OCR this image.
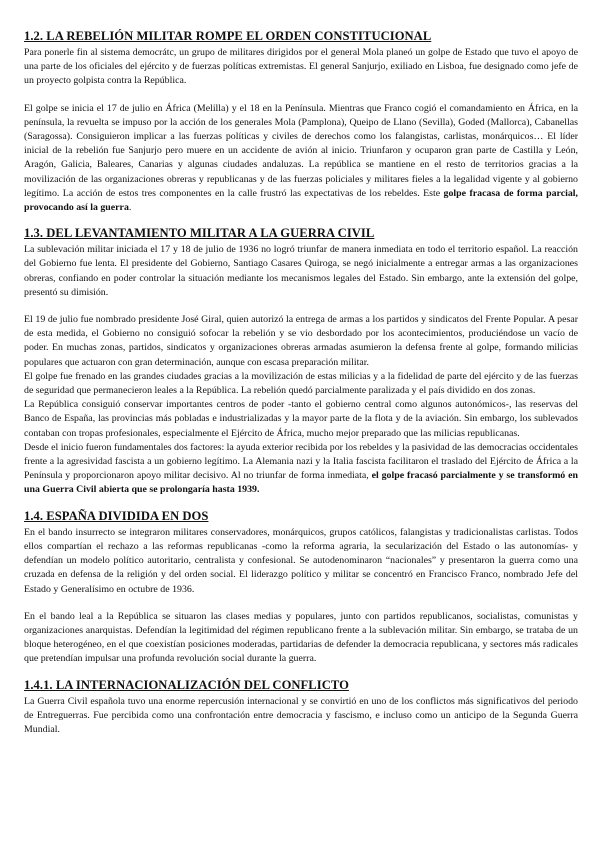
1.2. LA REBELIÓN MILITAR ROMPE EL ORDEN CONSTITUCIONAL

Para ponerle fin al sistema democrátc, un grupo de militares dirigidos por el general Mola planeó un golpe de Estado que tuvo el apoyo de una parte de los oficiales del ejército y de fuerzas políticas extremistas. El general Sanjurjo, exiliado en Lisboa, fue designado como jefe de un proyecto golpista contra la República.

El golpe se inicia el 17 de julio en África (Melilla) y el 18 en la Península. Mientras que Franco cogió el comandamiento en África, en la península, la revuelta se impuso por la acción de los generales Mola (Pamplona), Queipo de Llano (Sevilla), Goded (Mallorca), Cabanellas (Saragossa). Consiguieron implicar a las fuerzas políticas y civiles de derechos como los falangistas, carlistas, monárquicos… El líder inicial de la rebelión fue Sanjurjo pero muere en un accidente de avión al inicio. Triunfaron y ocuparon gran parte de Castilla y León, Aragón, Galicia, Baleares, Canarias y algunas ciudades andaluzas. La república se mantiene en el resto de territorios gracias a la movilización de las organizaciones obreras y republicanas y de las fuerzas policiales y militares fieles a la legalidad vigente y al gobierno legítimo. La acción de estos tres componentes en la calle frustró las expectativas de los rebeldes. Este golpe fracasa de forma parcial, provocando así la guerra.

1.3. DEL LEVANTAMIENTO MILITAR A LA GUERRA CIVIL

La sublevación militar iniciada el 17 y 18 de julio de 1936 no logró triunfar de manera inmediata en todo el territorio español. La reacción del Gobierno fue lenta. El presidente del Gobierno, Santiago Casares Quiroga, se negó inicialmente a entregar armas a las organizaciones obreras, confiando en poder controlar la situación mediante los mecanismos legales del Estado. Sin embargo, ante la extensión del golpe, presentó su dimisión.

El 19 de julio fue nombrado presidente José Giral, quien autorizó la entrega de armas a los partidos y sindicatos del Frente Popular. A pesar de esta medida, el Gobierno no consiguió sofocar la rebelión y se vio desbordado por los acontecimientos, produciéndose un vacío de poder. En muchas zonas, partidos, sindicatos y organizaciones obreras armadas asumieron la defensa frente al golpe, formando milicias populares que actuaron con gran determinación, aunque con escasa preparación militar.

El golpe fue frenado en las grandes ciudades gracias a la movilización de estas milicias y a la fidelidad de parte del ejército y de las fuerzas de seguridad que permanecieron leales a la República. La rebelión quedó parcialmente paralizada y el país dividido en dos zonas.

La República consiguió conservar importantes centros de poder -tanto el gobierno central como algunos autonómicos-, las reservas del Banco de España, las provincias más pobladas e industrializadas y la mayor parte de la flota y de la aviación. Sin embargo, los sublevados contaban con tropas profesionales, especialmente el Ejército de África, mucho mejor preparado que las milicias republicanas.

Desde el inicio fueron fundamentales dos factores: la ayuda exterior recibida por los rebeldes y la pasividad de las democracias occidentales frente a la agresividad fascista a un gobierno legítimo. La Alemania nazi y la Italia fascista facilitaron el traslado del Ejército de África a la Península y proporcionaron apoyo militar decisivo. Al no triunfar de forma inmediata, el golpe fracasó parcialmente y se transformó en una Guerra Civil abierta que se prolongaría hasta 1939.

1.4. ESPAÑA DIVIDIDA EN DOS

En el bando insurrecto se integraron militares conservadores, monárquicos, grupos católicos, falangistas y tradicionalistas carlistas. Todos ellos compartían el rechazo a las reformas republicanas -como la reforma agraria, la secularización del Estado o las autonomías- y defendían un modelo político autoritario, centralista y confesional. Se autodenominaron “nacionales” y presentaron la guerra como una cruzada en defensa de la religión y del orden social. El liderazgo político y militar se concentró en Francisco Franco, nombrado Jefe del Estado y Generalísimo en octubre de 1936.

En el bando leal a la República se situaron las clases medias y populares, junto con partidos republicanos, socialistas, comunistas y organizaciones anarquistas. Defendían la legitimidad del régimen republicano frente a la sublevación militar. Sin embargo, se trataba de un bloque heterogéneo, en el que coexistían posiciones moderadas, partidarias de defender la democracia republicana, y sectores más radicales que pretendían impulsar una profunda revolución social durante la guerra.

1.4.1. LA INTERNACIONALIZACIÓN DEL CONFLICTO

La Guerra Civil española tuvo una enorme repercusión internacional y se convirtió en uno de los conflictos más significativos del periodo de Entreguerras. Fue percibida como una confrontación entre democracia y fascismo, e incluso como un anticipo de la Segunda Guerra Mundial.
